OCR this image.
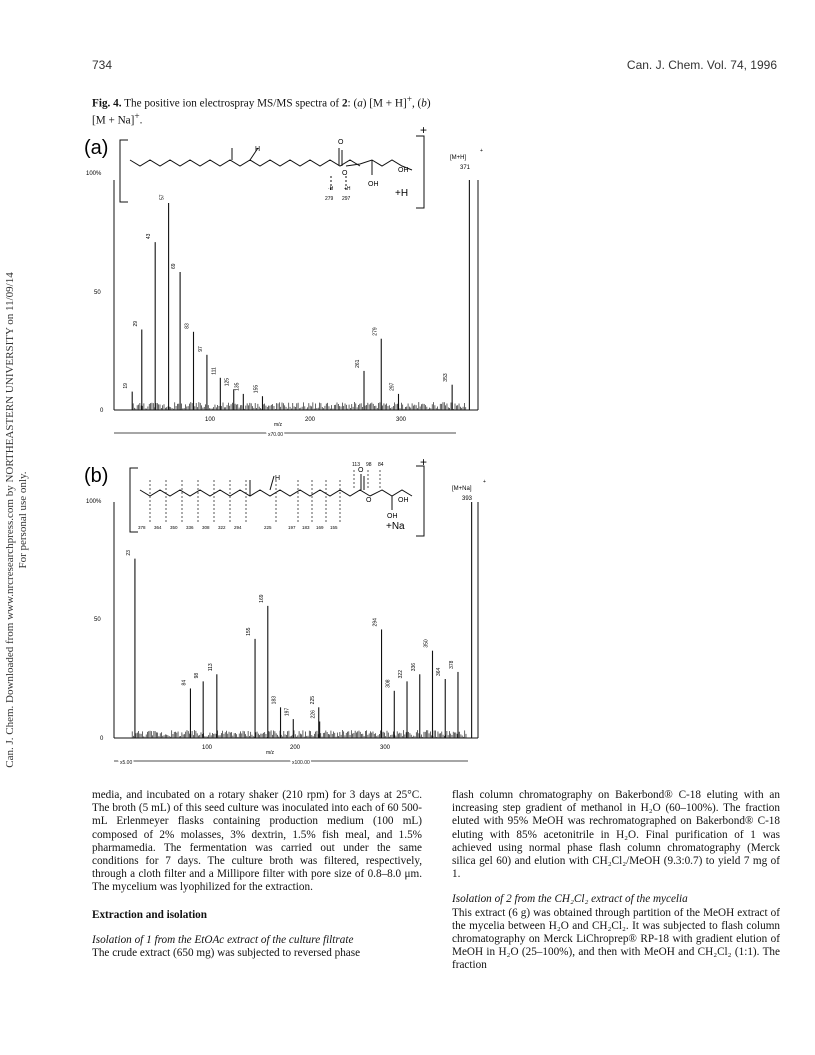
734	Can. J. Chem. Vol. 74, 1996
Fig. 4. The positive ion electrospray MS/MS spectra of 2: (a) [M + H]+, (b)
[M + Na]+.
Can. J. Chem. Downloaded from www.nrcresearchpress.com by NORTHEASTERN UNIVERSITY on 11/09/14 For personal use only.
(a)	H
O
O	OH
OH
+H
·H +H
279 297
+
[M+H]
+
371
100%
50
0
19
29
43
57
69
83
97
111
125
135	155
261
279
297
353
100	200	300
m/z
x70.00
(b)	H
O
O	OH
OH
+Na
113 98 84
378 364 350 336 308 322 294	225	197 183 169 155
+
[M+Na]
+
393
100%
50
0
23
84
98
113
155
169
183
197
225
226
294
308
322
336
350
364
378
100	200	300
m/z
x5.00	x100.00

media, and incubated on a rotary shaker (210 rpm) for 3 days at 25°C. The broth (5 mL) of this seed culture was inoculated into each of 60 500-mL Erlenmeyer flasks containing production medium (100 mL) composed of 2% molasses, 3% dextrin, 1.5% fish meal, and 1.5% pharmamedia. The fermentation was carried out under the same conditions for 7 days. The culture broth was filtered, respectively, through a cloth filter and a Millipore filter with pore size of 0.8–8.0 μm. The mycelium was lyophilized for the extraction.

Extraction and isolation

Isolation of 1 from the EtOAc extract of the culture filtrate

The crude extract (650 mg) was subjected to reversed phase

flash column chromatography on Bakerbond® C-18 eluting with an increasing step gradient of methanol in H₂O (60–100%). The fraction eluted with 95% MeOH was rechromatographed on Bakerbond® C-18 eluting with 85% acetonitrile in H₂O. Final purification of 1 was achieved using normal phase flash column chromatography (Merck silica gel 60) and elution with CH₂Cl₂/MeOH (9.3:0.7) to yield 7 mg of 1.

Isolation of 2 from the CH₂Cl₂ extract of the mycelia

This extract (6 g) was obtained through partition of the MeOH extract of the mycelia between H₂O and CH₂Cl₂. It was subjected to flash column chromatography on Merck LiChroprep® RP-18 with gradient elution of MeOH in H₂O (25–100%), and then with MeOH and CH₂Cl₂ (1:1). The fraction
